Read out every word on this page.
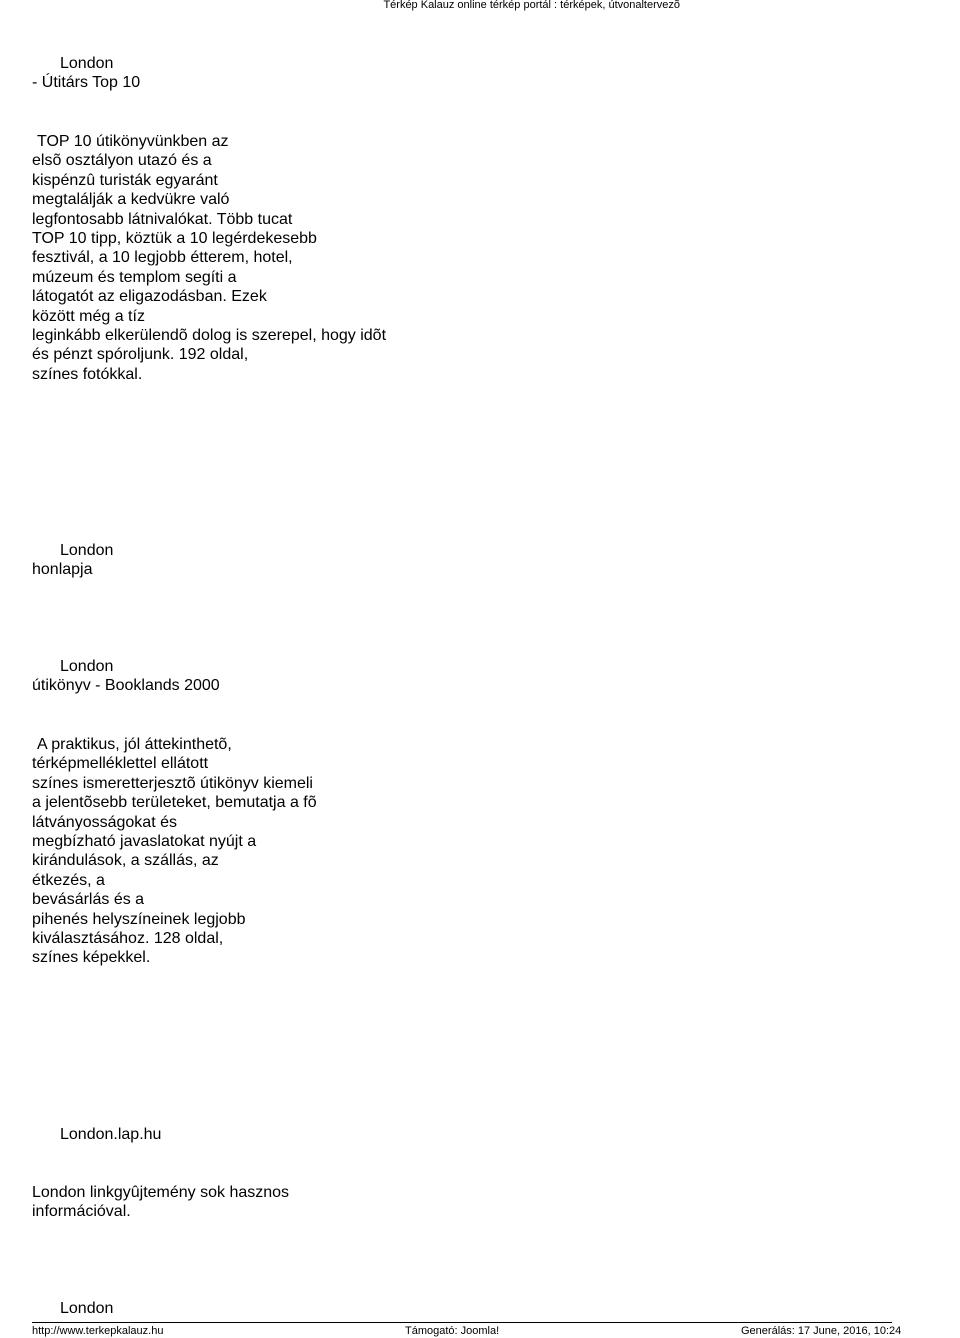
Térkép Kalauz online térkép portál : térképek, útvonaltervezõ
London
- Útitárs Top 10
TOP 10 útikönyvünkben az
elsõ osztályon utazó és a
kispénzû turisták egyaránt
megtalálják a kedvükre való
legfontosabb látnivalókat. Több tucat
TOP 10 tipp, köztük a 10 legérdekesebb
fesztivál, a 10 legjobb étterem, hotel,
múzeum és templom segíti a
látogatót az eligazodásban. Ezek
között még a tíz
leginkább elkerülendõ dolog is szerepel, hogy idõt
és pénzt spóroljunk. 192 oldal,
színes fotókkal.
London
honlapja
London
útikönyv - Booklands 2000
A praktikus, jól áttekinthetõ,
térképmelléklettel ellátott
színes ismeretterjesztõ útikönyv kiemeli
a jelentõsebb területeket, bemutatja a fõ
látványosságokat és
megbízható javaslatokat nyújt a
kirándulások, a szállás, az
étkezés, a
bevásárlás és a
pihenés helyszíneinek legjobb
kiválasztásához. 128 oldal,
színes képekkel.
London.lap.hu
London linkgyûjtemény sok hasznos
információval.
London
http://www.terkepkalauz.hu	Támogató: Joomla!	Generálás: 17 June, 2016, 10:24
